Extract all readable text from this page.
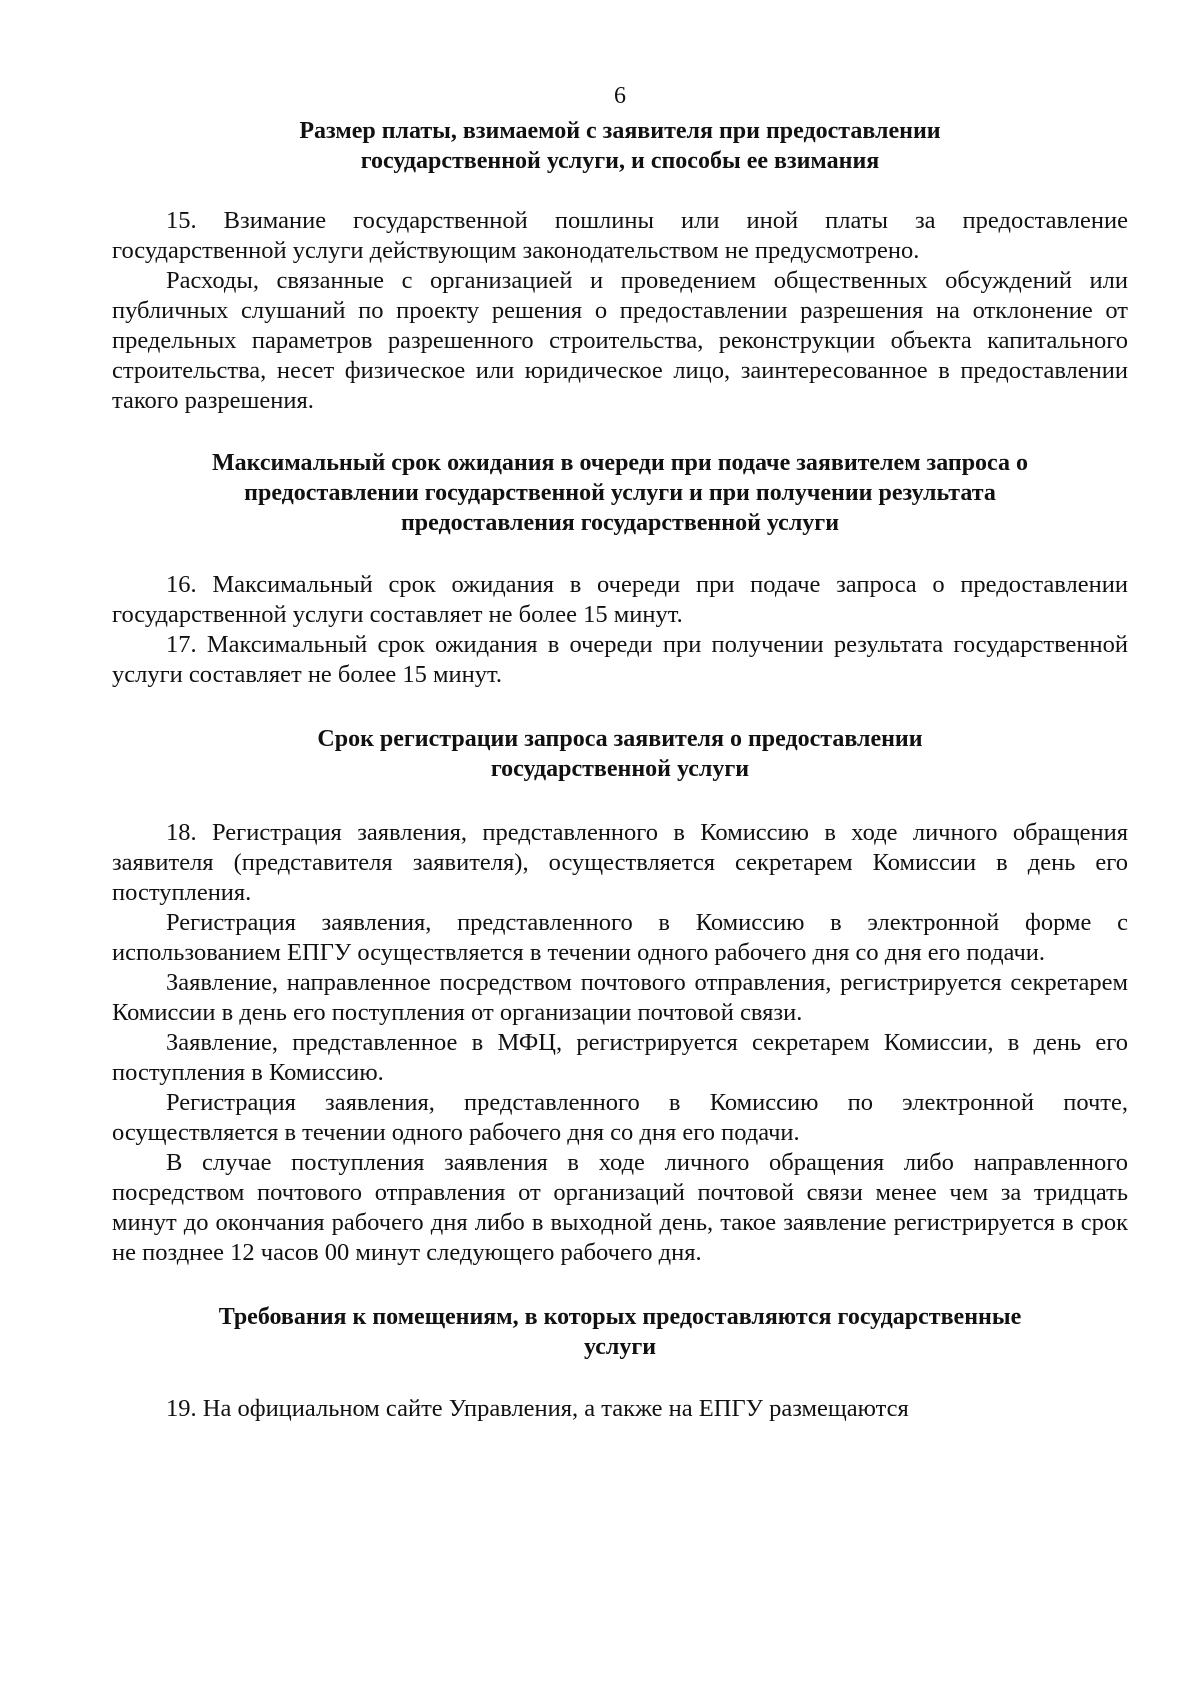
6
Размер платы, взимаемой с заявителя при предоставлении
государственной услуги, и способы ее взимания

15. Взимание государственной пошлины или иной платы за предоставление государственной услуги действующим законодательством не предусмотрено.

Расходы, связанные с организацией и проведением общественных обсуждений или публичных слушаний по проекту решения о предоставлении разрешения на отклонение от предельных параметров разрешенного строительства, реконструкции объекта капитального строительства, несет физическое или юридическое лицо, заинтересованное в предоставлении такого разрешения.

Максимальный срок ожидания в очереди при подаче заявителем запроса о
предоставлении государственной услуги и при получении результата
предоставления государственной услуги

16. Максимальный срок ожидания в очереди при подаче запроса о предоставлении государственной услуги составляет не более 15 минут.

17. Максимальный срок ожидания в очереди при получении результата государственной услуги составляет не более 15 минут.

Срок регистрации запроса заявителя о предоставлении
государственной услуги

18. Регистрация заявления, представленного в Комиссию в ходе личного обращения заявителя (представителя заявителя), осуществляется секретарем Комиссии в день его поступления.

Регистрация заявления, представленного в Комиссию в электронной форме с использованием ЕПГУ осуществляется в течении одного рабочего дня со дня его подачи.

Заявление, направленное посредством почтового отправления, регистрируется секретарем Комиссии в день его поступления от организации почтовой связи.

Заявление, представленное в МФЦ, регистрируется секретарем Комиссии, в день его поступления в Комиссию.

Регистрация заявления, представленного в Комиссию по электронной почте, осуществляется в течении одного рабочего дня со дня его подачи.

В случае поступления заявления в ходе личного обращения либо направленного посредством почтового отправления от организаций почтовой связи менее чем за тридцать минут до окончания рабочего дня либо в выходной день, такое заявление регистрируется в срок не позднее 12 часов 00 минут следующего рабочего дня.

Требования к помещениям, в которых предоставляются государственные
услуги

19. На официальном сайте Управления, а также на ЕПГУ размещаются
